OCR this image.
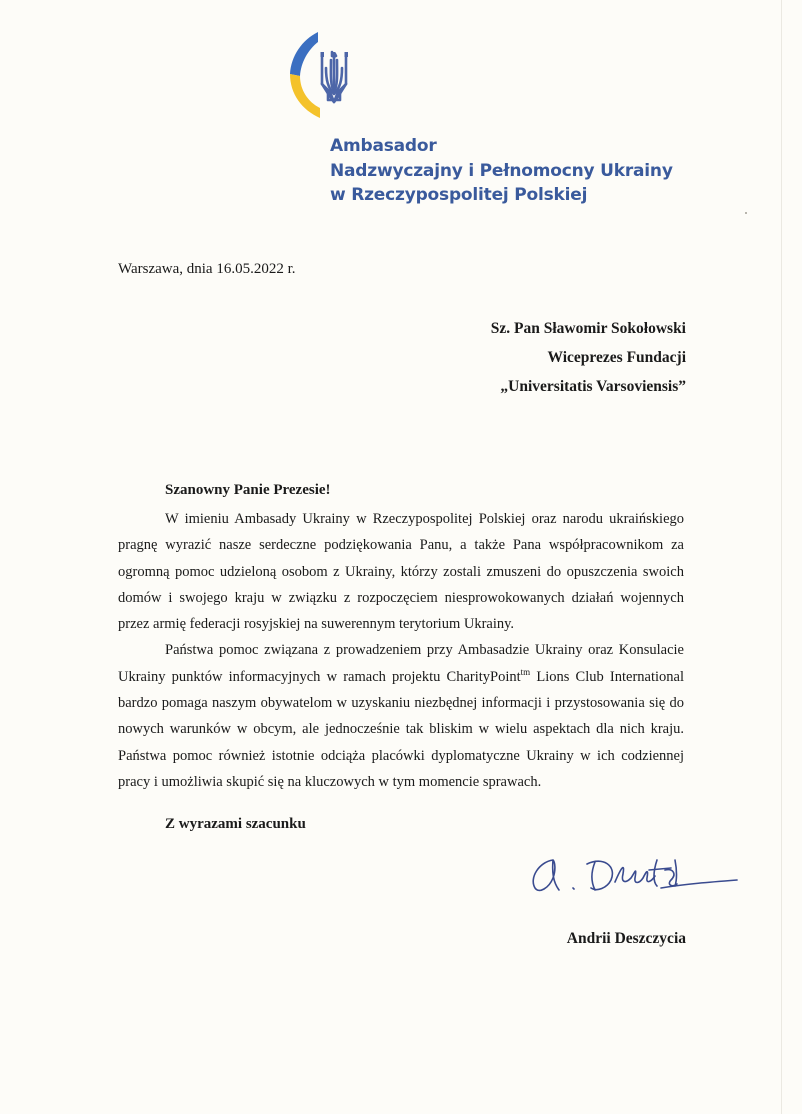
Ambasador
Nadzwyczajny i Pełnomocny Ukrainy
w Rzeczypospolitej Polskiej
Warszawa, dnia 16.05.2022 r.
Sz. Pan Sławomir Sokołowski
Wiceprezes Fundacji
„Universitatis Varsoviensis”
Szanowny Panie Prezesie!

W imieniu Ambasady Ukrainy w Rzeczypospolitej Polskiej oraz narodu ukraińskiego pragnę wyrazić nasze serdeczne podziękowania Panu, a także Pana współpracownikom za ogromną pomoc udzieloną osobom z Ukrainy, którzy zostali zmuszeni do opuszczenia swoich domów i swojego kraju w związku z rozpoczęciem niesprowokowanych działań wojennych przez armię federacji rosyjskiej na suwerennym terytorium Ukrainy.

Państwa pomoc związana z prowadzeniem przy Ambasadzie Ukrainy oraz Konsulacie Ukrainy punktów informacyjnych w ramach projektu CharityPoint$^{tm}$ Lions Club International bardzo pomaga naszym obywatelom w uzyskaniu niezbędnej informacji i przystosowania się do nowych warunków w obcym, ale jednocześnie tak bliskim w wielu aspektach dla nich kraju. Państwa pomoc również istotnie odciąża placówki dyplomatyczne Ukrainy w ich codziennej pracy i umożliwia skupić się na kluczowych w tym momencie sprawach.

Z wyrazami szacunku
Andrii Deszczycia
